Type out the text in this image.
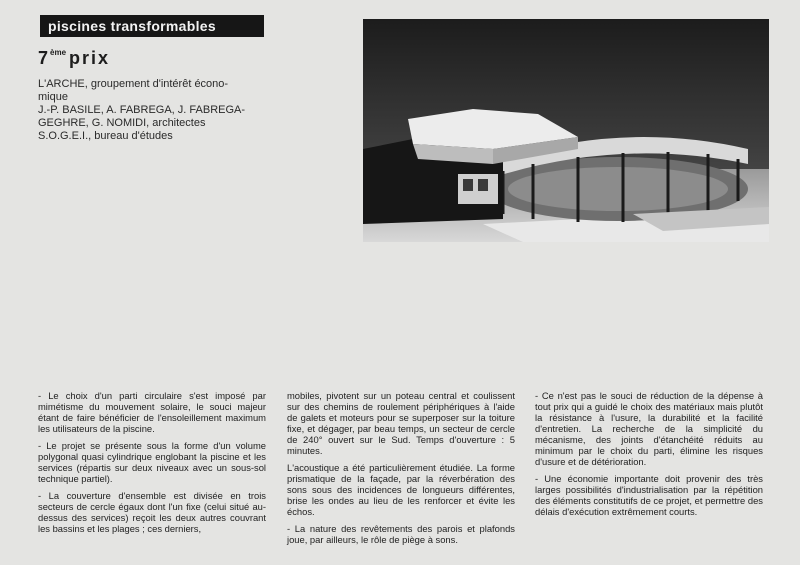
piscines transformables
7ème prix
L'ARCHE, groupement d'intérêt écono-
mique
J.-P. BASILE, A. FABREGA, J. FABREGA-
GEGHRE, G. NOMIDI, architectes
S.O.G.E.I., bureau d'études

- Le choix d'un parti circulaire s'est imposé par mimétisme du mouvement solaire, le souci majeur étant de faire bénéficier de l'ensoleillement maximum les utilisateurs de la piscine.

- Le projet se présente sous la forme d'un volume polygonal quasi cylindrique englobant la piscine et les services (répartis sur deux niveaux avec un sous-sol technique partiel).

- La couverture d'ensemble est divisée en trois secteurs de cercle égaux dont l'un fixe (celui situé au-dessus des services) reçoit les deux autres couvrant les bassins et les plages ; ces derniers,

mobiles, pivotent sur un poteau central et coulissent sur des chemins de roulement périphériques à l'aide de galets et moteurs pour se superposer sur la toiture fixe, et dégager, par beau temps, un secteur de cercle de 240° ouvert sur le Sud. Temps d'ouverture : 5 minutes.

L'acoustique a été particulièrement étudiée. La forme prismatique de la façade, par la réverbération des sons sous des incidences de longueurs différentes, brise les ondes au lieu de les renforcer et évite les échos.

- La nature des revêtements des parois et plafonds joue, par ailleurs, le rôle de piège à sons.

- Ce n'est pas le souci de réduction de la dépense à tout prix qui a guidé le choix des matériaux mais plutôt la résistance à l'usure, la durabilité et la facilité d'entretien. La recherche de la simplicité du mécanisme, des joints d'étanchéité réduits au minimum par le choix du parti, élimine les risques d'usure et de détérioration.

- Une économie importante doit provenir des très larges possibilités d'industrialisation par la répétition des éléments constitutifs de ce projet, et permettre des délais d'exécution extrêmement courts.
